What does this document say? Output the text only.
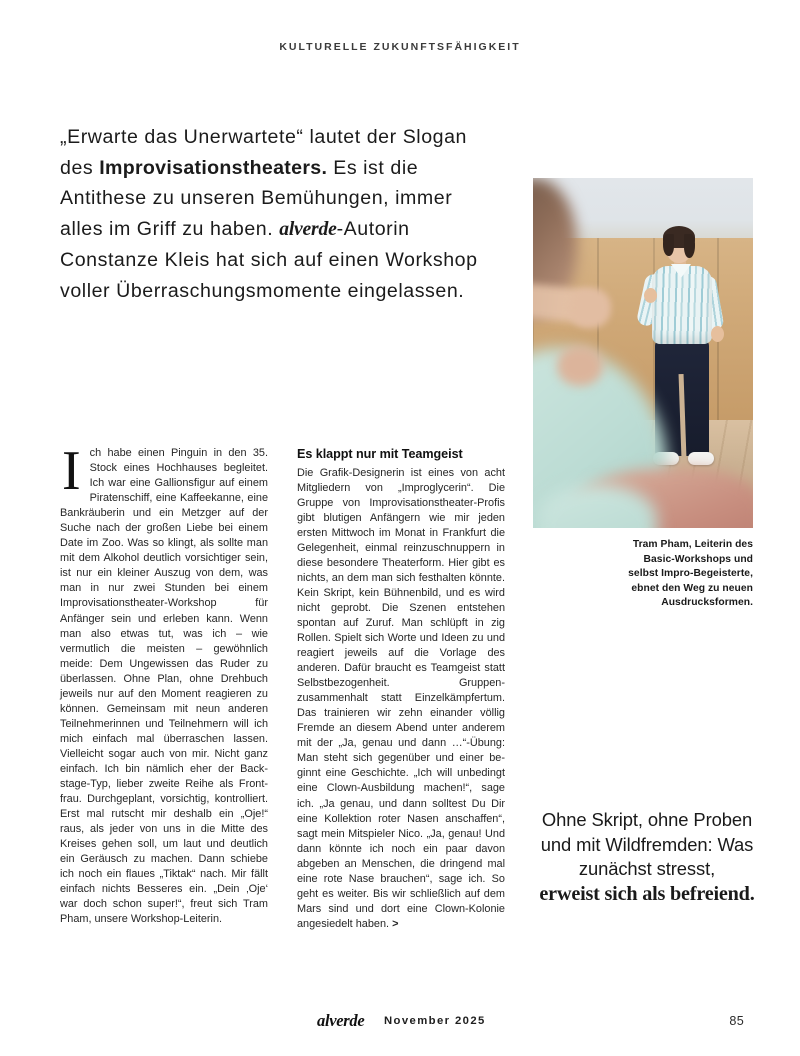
KULTURELLE ZUKUNFTSFÄHIGKEIT
„Erwarte das Unerwartete“ lautet der Slogan des Improvisationstheaters. Es ist die Antithese zu unseren Bemühungen, immer alles im Griff zu haben. alverde-Autorin Constanze Kleis hat sich auf einen Workshop voller Überraschungsmomente eingelassen.
Tram Pham, Leiterin des Basic-Workshops und selbst Impro-Begeisterte, ebnet den Weg zu neuen Ausdrucksformen.

Ich habe einen Pinguin in den 35. Stock eines Hochhauses begleitet. Ich war eine Gallionsfigur auf einem Piratenschiff, eine Kaffeekanne, eine Bankräuberin und ein Metzger auf der Suche nach der großen Liebe bei einem Date im Zoo. Was so klingt, als sollte man mit dem Alkohol deutlich vorsichtiger sein, ist nur ein kleiner Auszug von dem, was man in nur zwei Stunden bei einem Improvisationstheater-Workshop für Anfänger sein und erleben kann. Wenn man also etwas tut, was ich – wie vermutlich die meisten – gewöhnlich meide: Dem Ungewissen das Ruder zu überlassen. Ohne Plan, ohne Drehbuch jeweils nur auf den Moment reagieren zu können. Gemeinsam mit neun anderen Teilnehmerinnen und Teilnehmern will ich mich einfach mal überraschen lassen. Vielleicht sogar auch von mir. Nicht ganz einfach. Ich bin nämlich eher der Backstage-Typ, lieber zweite Reihe als Frontfrau. Durchgeplant, vorsichtig, kontrolliert. Erst mal rutscht mir deshalb ein „Oje!“ raus, als jeder von uns in die Mitte des Kreises gehen soll, um laut und deutlich ein Geräusch zu machen. Dann schiebe ich noch ein flaues „Tiktak“ nach. Mir fällt einfach nichts Besseres ein. „Dein ‚Oje‘ war doch schon super!“, freut sich Tram Pham, unsere Workshop-Leiterin.

Es klappt nur mit Teamgeist

Die Grafik-Designerin ist eines von acht Mitgliedern von „Improglycerin“. Die Gruppe von Improvisationstheater-Profis gibt blutigen Anfängern wie mir jeden ersten Mittwoch im Monat in Frankfurt die Gelegenheit, einmal reinzuschnuppern in diese besondere Theaterform. Hier gibt es nichts, an dem man sich festhalten könnte. Kein Skript, kein Bühnenbild, und es wird nicht geprobt. Die Szenen entstehen spontan auf Zuruf. Man schlüpft in zig Rollen. Spielt sich Worte und Ideen zu und reagiert jeweils auf die Vorlage des anderen. Dafür braucht es Teamgeist statt Selbstbezogenheit. Gruppenzusammenhalt statt Einzelkämpfertum. Das trainieren wir zehn einander völlig Fremde an diesem Abend unter anderem mit der „Ja, genau und dann …“-Übung: Man steht sich gegenüber und einer beginnt eine Geschichte. „Ich will unbedingt eine Clown-Ausbildung machen!“, sage ich. „Ja genau, und dann solltest Du Dir eine Kollektion roter Nasen anschaffen“, sagt mein Mitspieler Nico. „Ja, genau! Und dann könnte ich noch ein paar davon abgeben an Menschen, die dringend mal eine rote Nase brauchen“, sage ich. So geht es weiter. Bis wir schließlich auf dem Mars sind und dort eine Clown-Kolonie angesiedelt haben. >

Ohne Skript, ohne Proben und mit Wildfremden: Was zunächst stresst,
erweist sich als befreiend.
alverde November 2025	85
